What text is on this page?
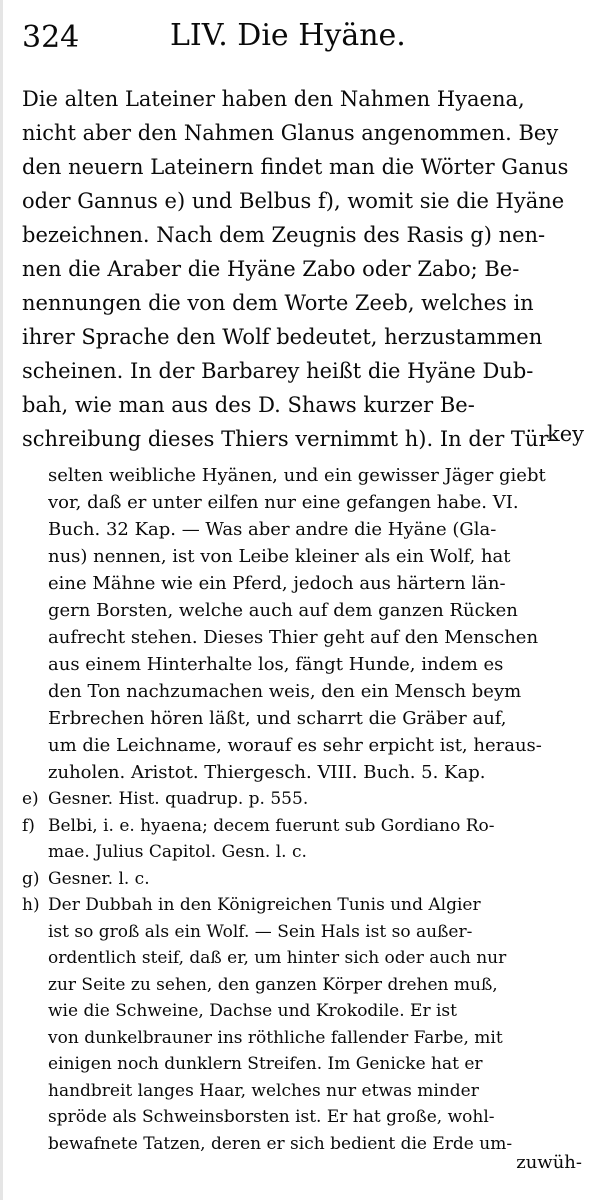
324	LIV. Die Hyäne.
Die alten Lateiner haben den Nahmen Hyaena,
nicht aber den Nahmen Glanus angenommen. Bey
den neuern Lateinern findet man die Wörter Ganus
oder Gannus e) und Belbus f), womit sie die Hyäne
bezeichnen. Nach dem Zeugnis des Rasis g) nen-
nen die Araber die Hyäne Zabo oder Zabo; Be-
nennungen die von dem Worte Zeeb, welches in
ihrer Sprache den Wolf bedeutet, herzustammen
scheinen. In der Barbarey heißt die Hyäne Dub-
bah, wie man aus des D. Shaws kurzer Be-
schreibung dieses Thiers vernimmt h). In der Tür-
key
selten weibliche Hyänen, und ein gewisser Jäger giebt
vor, daß er unter eilfen nur eine gefangen habe. VI.
Buch. 32 Kap. — Was aber andre die Hyäne (Gla-
nus) nennen, ist von Leibe kleiner als ein Wolf, hat
eine Mähne wie ein Pferd, jedoch aus härtern län-
gern Borsten, welche auch auf dem ganzen Rücken
aufrecht stehen. Dieses Thier geht auf den Menschen
aus einem Hinterhalte los, fängt Hunde, indem es
den Ton nachzumachen weis, den ein Mensch beym
Erbrechen hören läßt, und scharrt die Gräber auf,
um die Leichname, worauf es sehr erpicht ist, heraus-
zuholen. Aristot. Thiergesch. VIII. Buch. 5. Kap.
e) Gesner. Hist. quadrup. p. 555.
f) Belbi, i. e. hyaena; decem fuerunt sub Gordiano Ro-
mae. Julius Capitol. Gesn. l. c.
g) Gesner. l. c.
h) Der Dubbah in den Königreichen Tunis und Algier
ist so groß als ein Wolf. — Sein Hals ist so außer-
ordentlich steif, daß er, um hinter sich oder auch nur
zur Seite zu sehen, den ganzen Körper drehen muß,
wie die Schweine, Dachse und Krokodile. Er ist
von dunkelbrauner ins röthliche fallender Farbe, mit
einigen noch dunklern Streifen. Im Genicke hat er
handbreit langes Haar, welches nur etwas minder
spröde als Schweinsborsten ist. Er hat große, wohl-
bewafnete Tatzen, deren er sich bedient die Erde um-
zuwüh-
